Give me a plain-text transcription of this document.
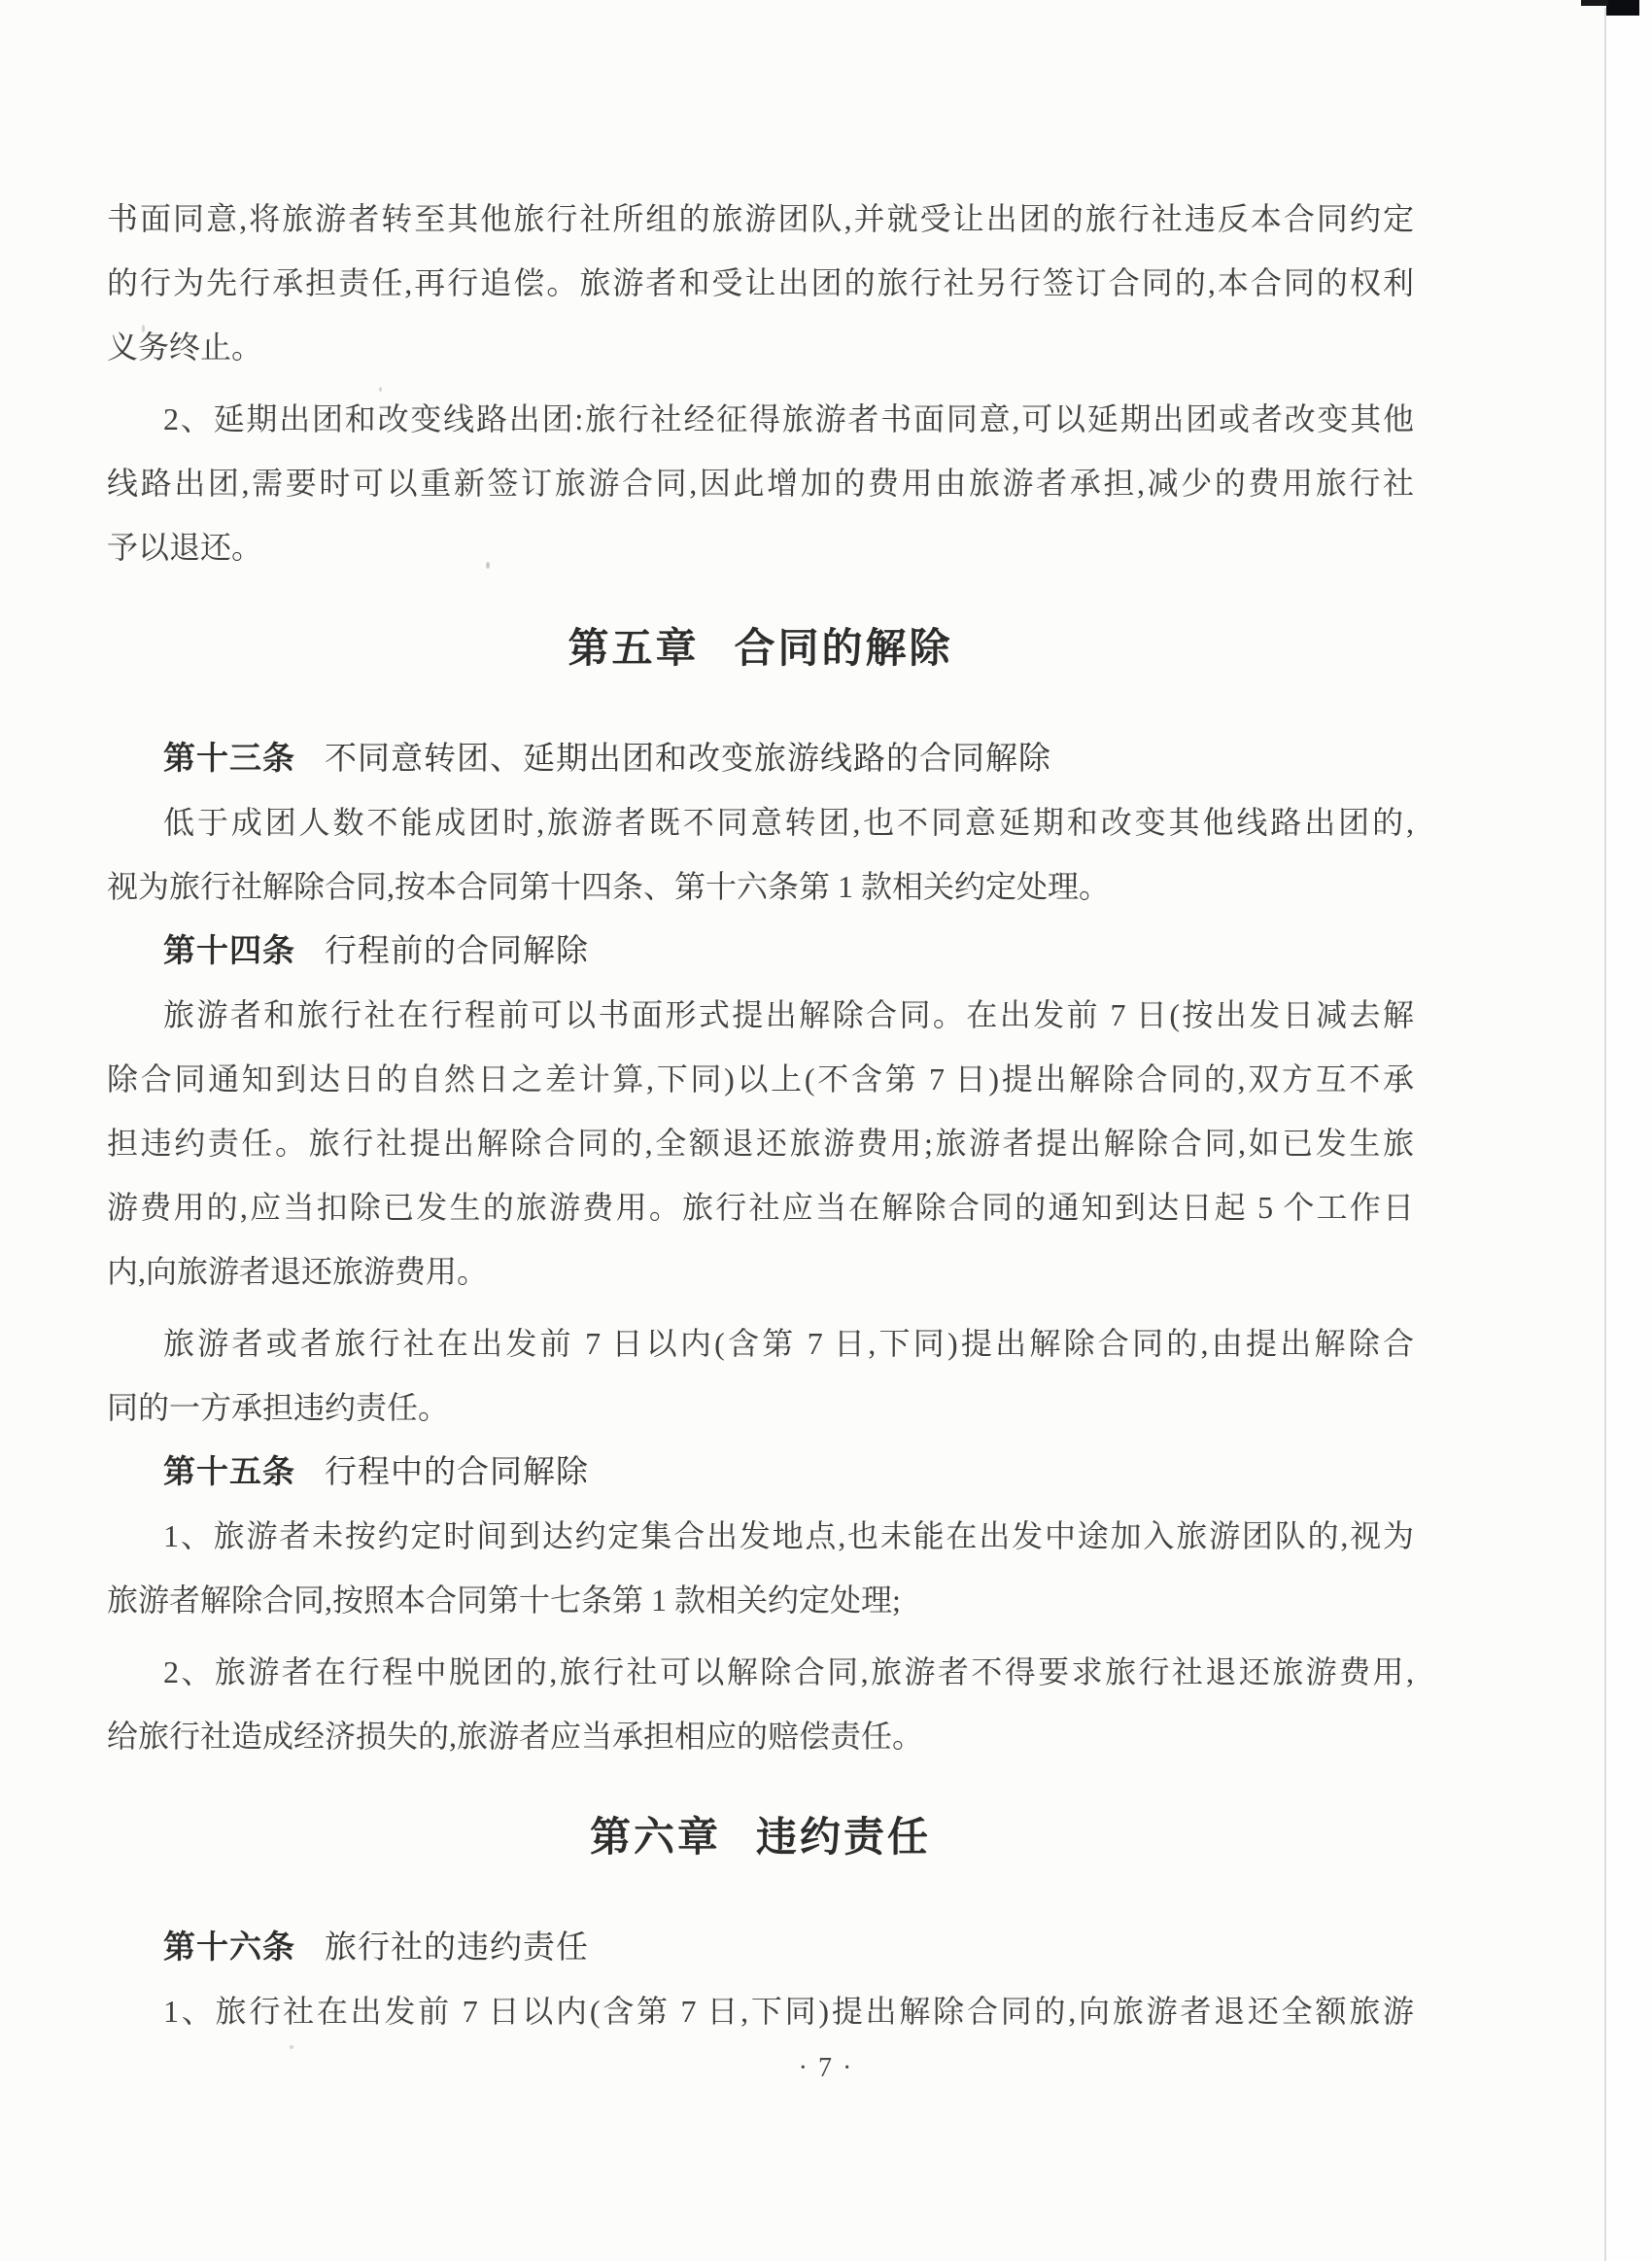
书面同意,将旅游者转至其他旅行社所组的旅游团队,并就受让出团的旅行社违反本合同约定
的行为先行承担责任,再行追偿。旅游者和受让出团的旅行社另行签订合同的,本合同的权利
义务终止。
2、延期出团和改变线路出团:旅行社经征得旅游者书面同意,可以延期出团或者改变其他
线路出团,需要时可以重新签订旅游合同,因此增加的费用由旅游者承担,减少的费用旅行社
予以退还。
第五章 合同的解除
第十三条 不同意转团、延期出团和改变旅游线路的合同解除
低于成团人数不能成团时,旅游者既不同意转团,也不同意延期和改变其他线路出团的,
视为旅行社解除合同,按本合同第十四条、第十六条第 1 款相关约定处理。
第十四条 行程前的合同解除
旅游者和旅行社在行程前可以书面形式提出解除合同。在出发前 7 日(按出发日减去解
除合同通知到达日的自然日之差计算,下同)以上(不含第 7 日)提出解除合同的,双方互不承
担违约责任。旅行社提出解除合同的,全额退还旅游费用;旅游者提出解除合同,如已发生旅
游费用的,应当扣除已发生的旅游费用。旅行社应当在解除合同的通知到达日起 5 个工作日
内,向旅游者退还旅游费用。
旅游者或者旅行社在出发前 7 日以内(含第 7 日,下同)提出解除合同的,由提出解除合
同的一方承担违约责任。
第十五条 行程中的合同解除
1、旅游者未按约定时间到达约定集合出发地点,也未能在出发中途加入旅游团队的,视为
旅游者解除合同,按照本合同第十七条第 1 款相关约定处理;
2、旅游者在行程中脱团的,旅行社可以解除合同,旅游者不得要求旅行社退还旅游费用,
给旅行社造成经济损失的,旅游者应当承担相应的赔偿责任。
第六章 违约责任
第十六条 旅行社的违约责任
1、旅行社在出发前 7 日以内(含第 7 日,下同)提出解除合同的,向旅游者退还全额旅游
· 7 ·
